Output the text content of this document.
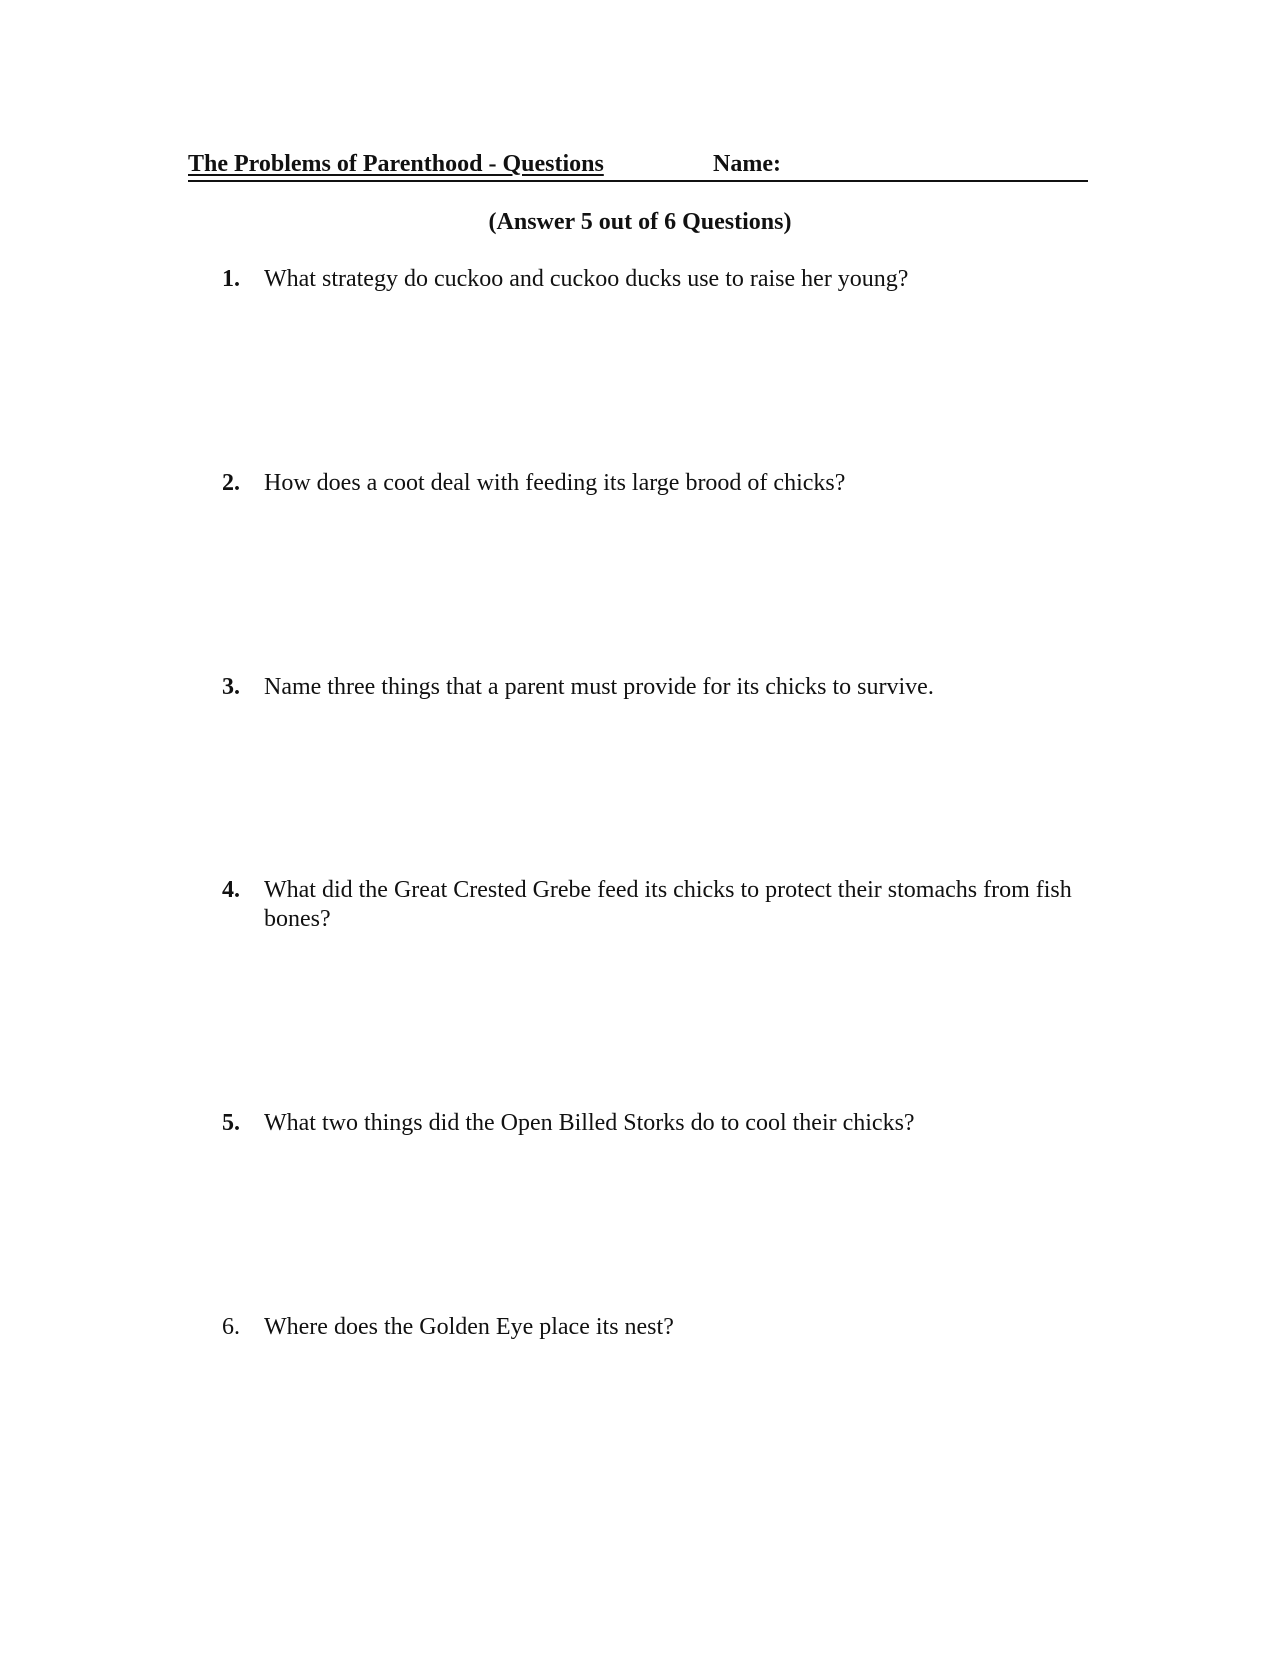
The Problems of Parenthood - Questions	Name:
(Answer 5 out of 6 Questions)
1.	What strategy do cuckoo and cuckoo ducks use to raise her young?
2.	How does a coot deal with feeding its large brood of chicks?
3.	Name three things that a parent must provide for its chicks to survive.
4.	What did the Great Crested Grebe feed its chicks to protect their stomachs from fish bones?
5.	What two things did the Open Billed Storks do to cool their chicks?
6.	Where does the Golden Eye place its nest?
